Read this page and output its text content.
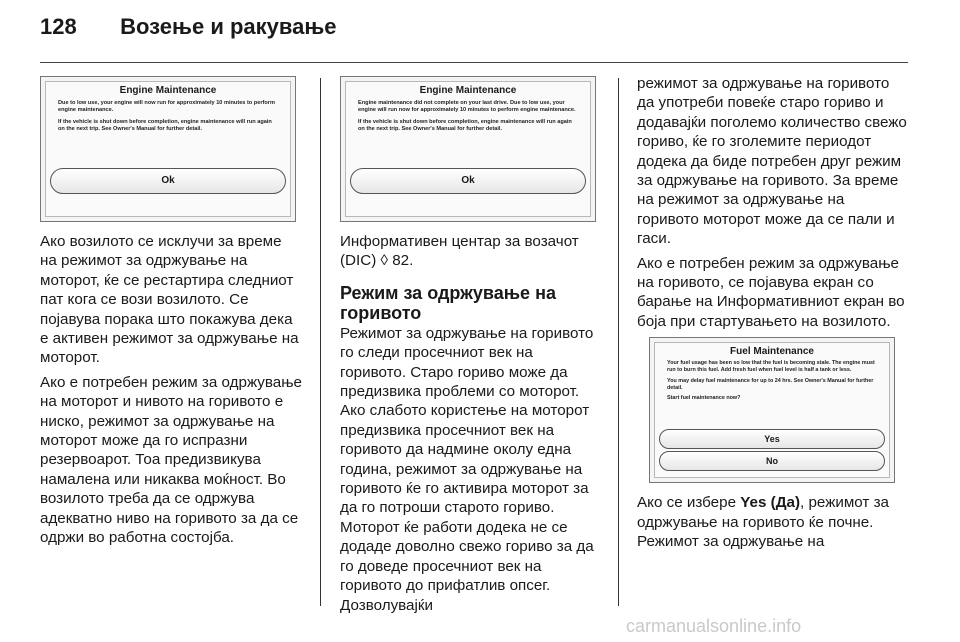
128 Возење и ракување
Engine Maintenance

Due to low use, your engine will now run for approximately 10 minutes to perform engine maintenance.

If the vehicle is shut down before completion, engine maintenance will run again on the next trip. See Owner's Manual for further detail.

Ok

Ако возилото се исклучи за време на режимот за одржување на моторот, ќе се рестартира следниот пат кога се вози возилото. Се појавува порака што покажува дека е активен режимот за одржување на моторот.

Ако е потребен режим за одржување на моторот и нивото на горивото е ниско, режимот за одржување на моторот може да го испразни резервоарот. Тоа предизвикува намалена или никаква моќност. Во возилото треба да се одржува адекватно ниво на горивото за да се одржи во работна состојба.

Engine Maintenance

Engine maintenance did not complete on your last drive. Due to low use, your engine will run now for approximately 10 minutes to perform engine maintenance.

If the vehicle is shut down before completion, engine maintenance will run again on the next trip. See Owner's Manual for further detail.

Ok

Информативен центар за возачот (DIC) ◊ 82.

Режим за одржување на горивото

Режимот за одржување на горивото го следи просечниот век на горивото. Старо гориво може да предизвика проблеми со моторот. Ако слабото користење на моторот предизвика просечниот век на горивото да надмине околу една година, режимот за одржување на горивото ќе го активира моторот за да го потроши старото гориво. Моторот ќе работи додека не се додаде доволно свежо гориво за да го доведе просечниот век на горивото до прифатлив опсег. Дозволувајќи

режимот за одржување на горивото да употреби повеќе старо гориво и додавајќи поголемо количество свежо гориво, ќе го зголемите периодот додека да биде потребен друг режим за одржување на горивото. За време на режимот за одржување на горивото моторот може да се пали и гаси.

Ако е потребен режим за одржување на горивото, се појавува екран со барање на Информативниот екран во боја при стартувањето на возилото.

Fuel Maintenance

Your fuel usage has been so low that the fuel is becoming stale. The engine must run to burn this fuel. Add fresh fuel when fuel level is half a tank or less.

You may delay fuel maintenance for up to 24 hrs. See Owner's Manual for further detail.

Start fuel maintenance now?

Yes
No

Ако се избере Yes (Да), режимот за одржување на горивото ќе почне. Режимот за одржување на

carmanualsonline.info
